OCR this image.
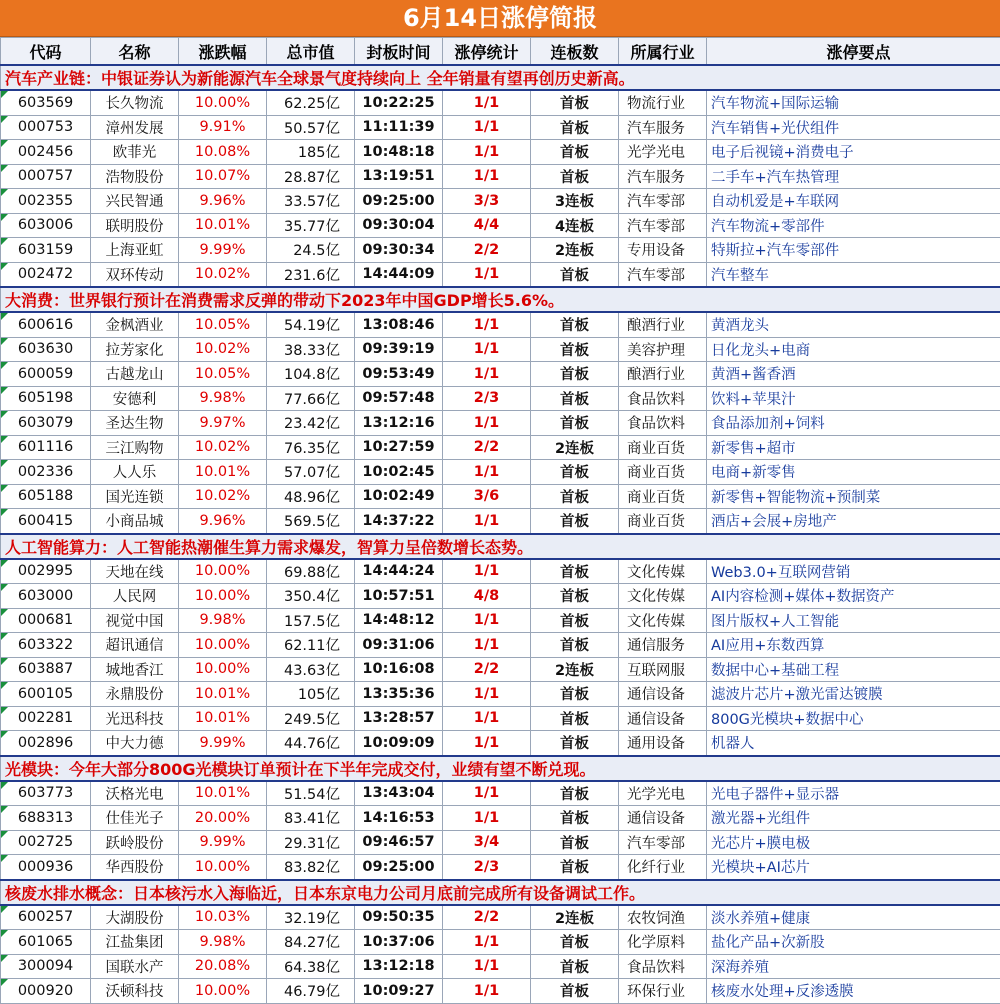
6月14日涨停简报
代码	名称	涨跌幅	总市值	封板时间	涨停统计	连板数	所属行业	涨停要点
汽车产业链：中银证券认为新能源汽车全球景气度持续向上 全年销量有望再创历史新高。								
603569	长久物流	10.00%	62.25亿	10:22:25	1/1	首板	物流行业	汽车物流+国际运输
000753	漳州发展	9.91%	50.57亿	11:11:39	1/1	首板	汽车服务	汽车销售+光伏组件
002456	欧菲光	10.08%	185亿	10:48:18	1/1	首板	光学光电	电子后视镜+消费电子
000757	浩物股份	10.07%	28.87亿	13:19:51	1/1	首板	汽车服务	二手车+汽车热管理
002355	兴民智通	9.96%	33.57亿	09:25:00	3/3	3连板	汽车零部	自动机爱是+车联网
603006	联明股份	10.01%	35.77亿	09:30:04	4/4	4连板	汽车零部	汽车物流+零部件
603159	上海亚虹	9.99%	24.5亿	09:30:34	2/2	2连板	专用设备	特斯拉+汽车零部件
002472	双环传动	10.02%	231.6亿	14:44:09	1/1	首板	汽车零部	汽车整车
大消费：世界银行预计在消费需求反弹的带动下2023年中国GDP增长5.6%。								
600616	金枫酒业	10.05%	54.19亿	13:08:46	1/1	首板	酿酒行业	黄酒龙头
603630	拉芳家化	10.02%	38.33亿	09:39:19	1/1	首板	美容护理	日化龙头+电商
600059	古越龙山	10.05%	104.8亿	09:53:49	1/1	首板	酿酒行业	黄酒+酱香酒
605198	安德利	9.98%	77.66亿	09:57:48	2/3	首板	食品饮料	饮料+苹果汁
603079	圣达生物	9.97%	23.42亿	13:12:16	1/1	首板	食品饮料	食品添加剂+饲料
601116	三江购物	10.02%	76.35亿	10:27:59	2/2	2连板	商业百货	新零售+超市
002336	人人乐	10.01%	57.07亿	10:02:45	1/1	首板	商业百货	电商+新零售
605188	国光连锁	10.02%	48.96亿	10:02:49	3/6	首板	商业百货	新零售+智能物流+预制菜
600415	小商品城	9.96%	569.5亿	14:37:22	1/1	首板	商业百货	酒店+会展+房地产
人工智能算力：人工智能热潮催生算力需求爆发，智算力呈倍数增长态势。								
002995	天地在线	10.00%	69.88亿	14:44:24	1/1	首板	文化传媒	Web3.0+互联网营销
603000	人民网	10.00%	350.4亿	10:57:51	4/8	首板	文化传媒	AI内容检测+媒体+数据资产
000681	视觉中国	9.98%	157.5亿	14:48:12	1/1	首板	文化传媒	图片版权+人工智能
603322	超讯通信	10.00%	62.11亿	09:31:06	1/1	首板	通信服务	AI应用+东数西算
603887	城地香江	10.00%	43.63亿	10:16:08	2/2	2连板	互联网服	数据中心+基础工程
600105	永鼎股份	10.01%	105亿	13:35:36	1/1	首板	通信设备	滤波片芯片+激光雷达镀膜
002281	光迅科技	10.01%	249.5亿	13:28:57	1/1	首板	通信设备	800G光模块+数据中心
002896	中大力德	9.99%	44.76亿	10:09:09	1/1	首板	通用设备	机器人
光模块：今年大部分800G光模块订单预计在下半年完成交付，业绩有望不断兑现。								
603773	沃格光电	10.01%	51.54亿	13:43:04	1/1	首板	光学光电	光电子器件+显示器
688313	仕佳光子	20.00%	83.41亿	14:16:53	1/1	首板	通信设备	激光器+光组件
002725	跃岭股份	9.99%	29.31亿	09:46:57	3/4	首板	汽车零部	光芯片+膜电极
000936	华西股份	10.00%	83.82亿	09:25:00	2/3	首板	化纤行业	光模块+AI芯片
核废水排水概念：日本核污水入海临近，日本东京电力公司月底前完成所有设备调试工作。								
600257	大湖股份	10.03%	32.19亿	09:50:35	2/2	2连板	农牧饲渔	淡水养殖+健康
601065	江盐集团	9.98%	84.27亿	10:37:06	1/1	首板	化学原料	盐化产品+次新股
300094	国联水产	20.08%	64.38亿	13:12:18	1/1	首板	食品饮料	深海养殖
000920	沃顿科技	10.00%	46.79亿	10:09:27	1/1	首板	环保行业	核废水处理+反渗透膜
